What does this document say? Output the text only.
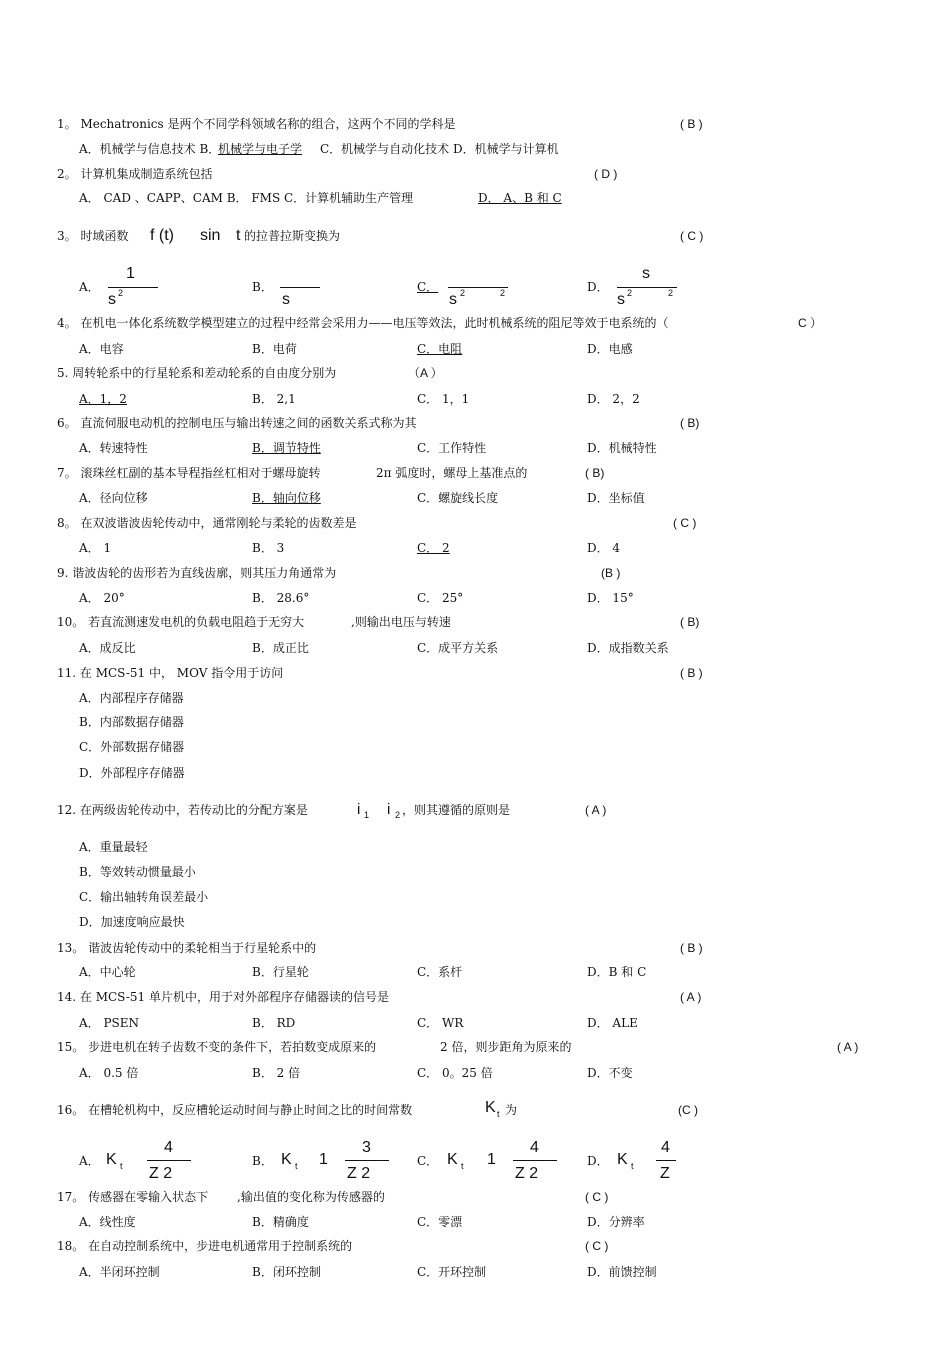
1。 Mechatronics 是两个不同学科领域名称的组合，这两个不同的学科是	( B )
A．机械学与信息技术 B．
机械学与电子学 C．机械学与自动化技术 D．机械学与计算机
2。 计算机集成制造系统包括	( D )
A． CAD 、CAPP、CAM B． FMS C．计算机辅助生产管理	D． A、B 和 C
3。 时域函数 f (t) sin t 的拉普拉斯变换为	( C )
A．
1
s 2	B．
s
C．
s 2	2	D．
s
s 2	2
4。 在机电一体化系统数学模型建立的过程中经常会采用力——电压等效法，此时机械系统的阻尼等效于电系统的（	C ）
A．电容	B．电荷	C．电阻	D．电感
5. 周转轮系中的行星轮系和差动轮系的自由度分别为	（A ）
A．1，2	B． 2,1	C． 1，1	D． 2，2
6。 直流伺服电动机的控制电压与输出转速之间的函数关系式称为其	( B)
A．转速特性	B．调节特性	C．工作特性	D．机械特性
7。 滚珠丝杠副的基本导程指丝杠相对于螺母旋转	2π 弧度时，螺母上基准点的	( B)
A．径向位移	B．轴向位移	C．螺旋线长度	D．坐标值
8。 在双波谐波齿轮传动中，通常刚轮与柔轮的齿数差是	( C )
A． 1	B． 3	C． 2	D． 4
9. 谐波齿轮的齿形若为直线齿廓，则其压力角通常为	(B )
A． 20°	B． 28.6°	C． 25°	D． 15°
10。 若直流测速发电机的负载电阻趋于无穷大	,则输出电压与转速	( B)
A．成反比	B．成正比	C．成平方关系	D．成指数关系
11. 在 MCS-51 中， MOV 指令用于访问	( B )
A．内部程序存储器
B．内部数据存储器
C．外部数据存储器
D．外部程序存储器
12. 在两级齿轮传动中，若传动比的分配方案是	i 1 i 2 ，则其遵循的原则是	( A )
A．重量最轻
B．等效转动惯量最小
C．输出轴转角误差最小
D．加速度响应最快
13。 谐波齿轮传动中的柔轮相当于行星轮系中的	( B )
A．中心轮	B．行星轮	C．系杆	D．B 和 C
14. 在 MCS-51 单片机中，用于对外部程序存储器读的信号是	( A )
A． PSEN	B． RD	C． WR	D． ALE
15。 步进电机在转子齿数不变的条件下，若拍数变成原来的	2 倍，则步距角为原来的	( A )
A． 0.5 倍	B． 2 倍	C． 0。25 倍	D．不变
16。 在槽轮机构中，反应槽轮运动时间与静止时间之比的时间常数	K t 为	(C )
A． K t
4
Z 2
B． K t 1
3
Z 2
C． K t 1
4
Z 2
D． K t
4
Z
17。 传感器在零输入状态下 ,输出值的变化称为传感器的	( C )
A．线性度	B．精确度	C．零漂	D．分辨率
18。 在自动控制系统中，步进电机通常用于控制系统的	( C )
A．半闭环控制	B．闭环控制	C．开环控制	D．前馈控制
